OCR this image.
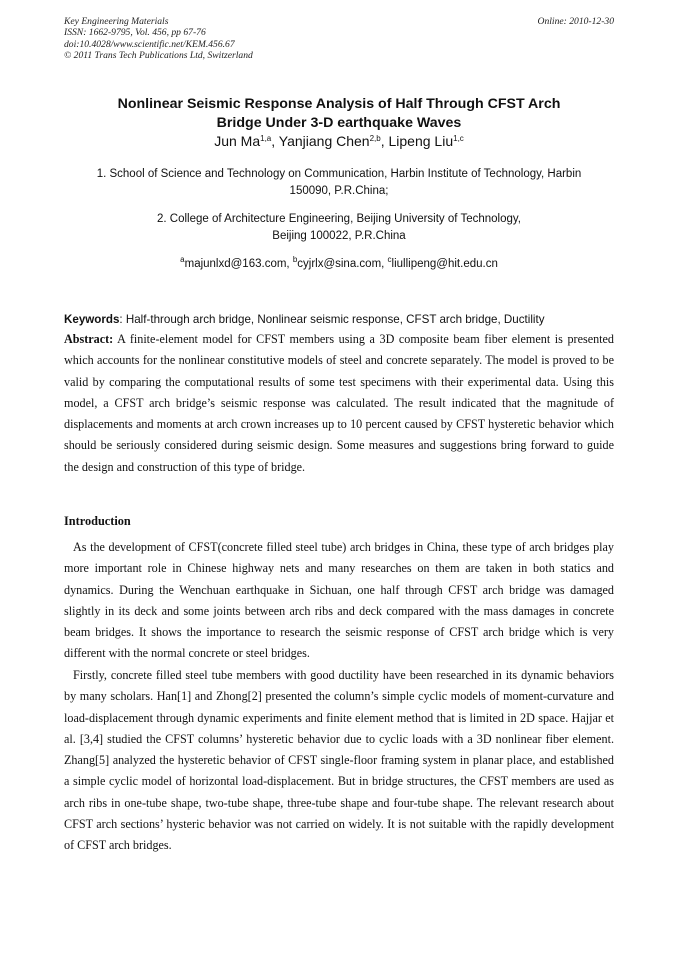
Key Engineering Materials
ISSN: 1662-9795, Vol. 456, pp 67-76
doi:10.4028/www.scientific.net/KEM.456.67
© 2011 Trans Tech Publications Ltd, Switzerland
Online: 2010-12-30
Nonlinear Seismic Response Analysis of Half Through CFST Arch
Bridge Under 3-D earthquake Waves
Jun Ma$^{1,a}$, Yanjiang Chen$^{2,b}$, Lipeng Liu$^{1,c}$
1. School of Science and Technology on Communication, Harbin Institute of Technology, Harbin
150090, P.R.China;
2. College of Architecture Engineering, Beijing University of Technology,
Beijing 100022, P.R.China
$^a$majunlxd@163.com, $^b$cyjrlx@sina.com, $^c$liullipeng@hit.edu.cn
Keywords: Half-through arch bridge, Nonlinear seismic response, CFST arch bridge, Ductility
Abstract: A finite-element model for CFST members using a 3D composite beam fiber element is presented which accounts for the nonlinear constitutive models of steel and concrete separately. The model is proved to be valid by comparing the computational results of some test specimens with their experimental data. Using this model, a CFST arch bridge’s seismic response was calculated. The result indicated that the magnitude of displacements and moments at arch crown increases up to 10 percent caused by CFST hysteretic behavior which should be seriously considered during seismic design. Some measures and suggestions bring forward to guide the design and construction of this type of bridge.
Introduction
As the development of CFST(concrete filled steel tube) arch bridges in China, these type of arch bridges play more important role in Chinese highway nets and many researches on them are taken in both statics and dynamics. During the Wenchuan earthquake in Sichuan, one half through CFST arch bridge was damaged slightly in its deck and some joints between arch ribs and deck compared with the mass damages in concrete beam bridges. It shows the importance to research the seismic response of CFST arch bridge which is very different with the normal concrete or steel bridges.
Firstly, concrete filled steel tube members with good ductility have been researched in its dynamic behaviors by many scholars. Han[1] and Zhong[2] presented the column’s simple cyclic models of moment-curvature and load-displacement through dynamic experiments and finite element method that is limited in 2D space. Hajjar et al. [3,4] studied the CFST columns’ hysteretic behavior due to cyclic loads with a 3D nonlinear fiber element. Zhang[5] analyzed the hysteretic behavior of CFST single-floor framing system in planar place, and established a simple cyclic model of horizontal load-displacement. But in bridge structures, the CFST members are used as arch ribs in one-tube shape, two-tube shape, three-tube shape and four-tube shape. The relevant research about CFST arch sections’ hysteric behavior was not carried on widely. It is not suitable with the rapidly development of CFST arch bridges.
